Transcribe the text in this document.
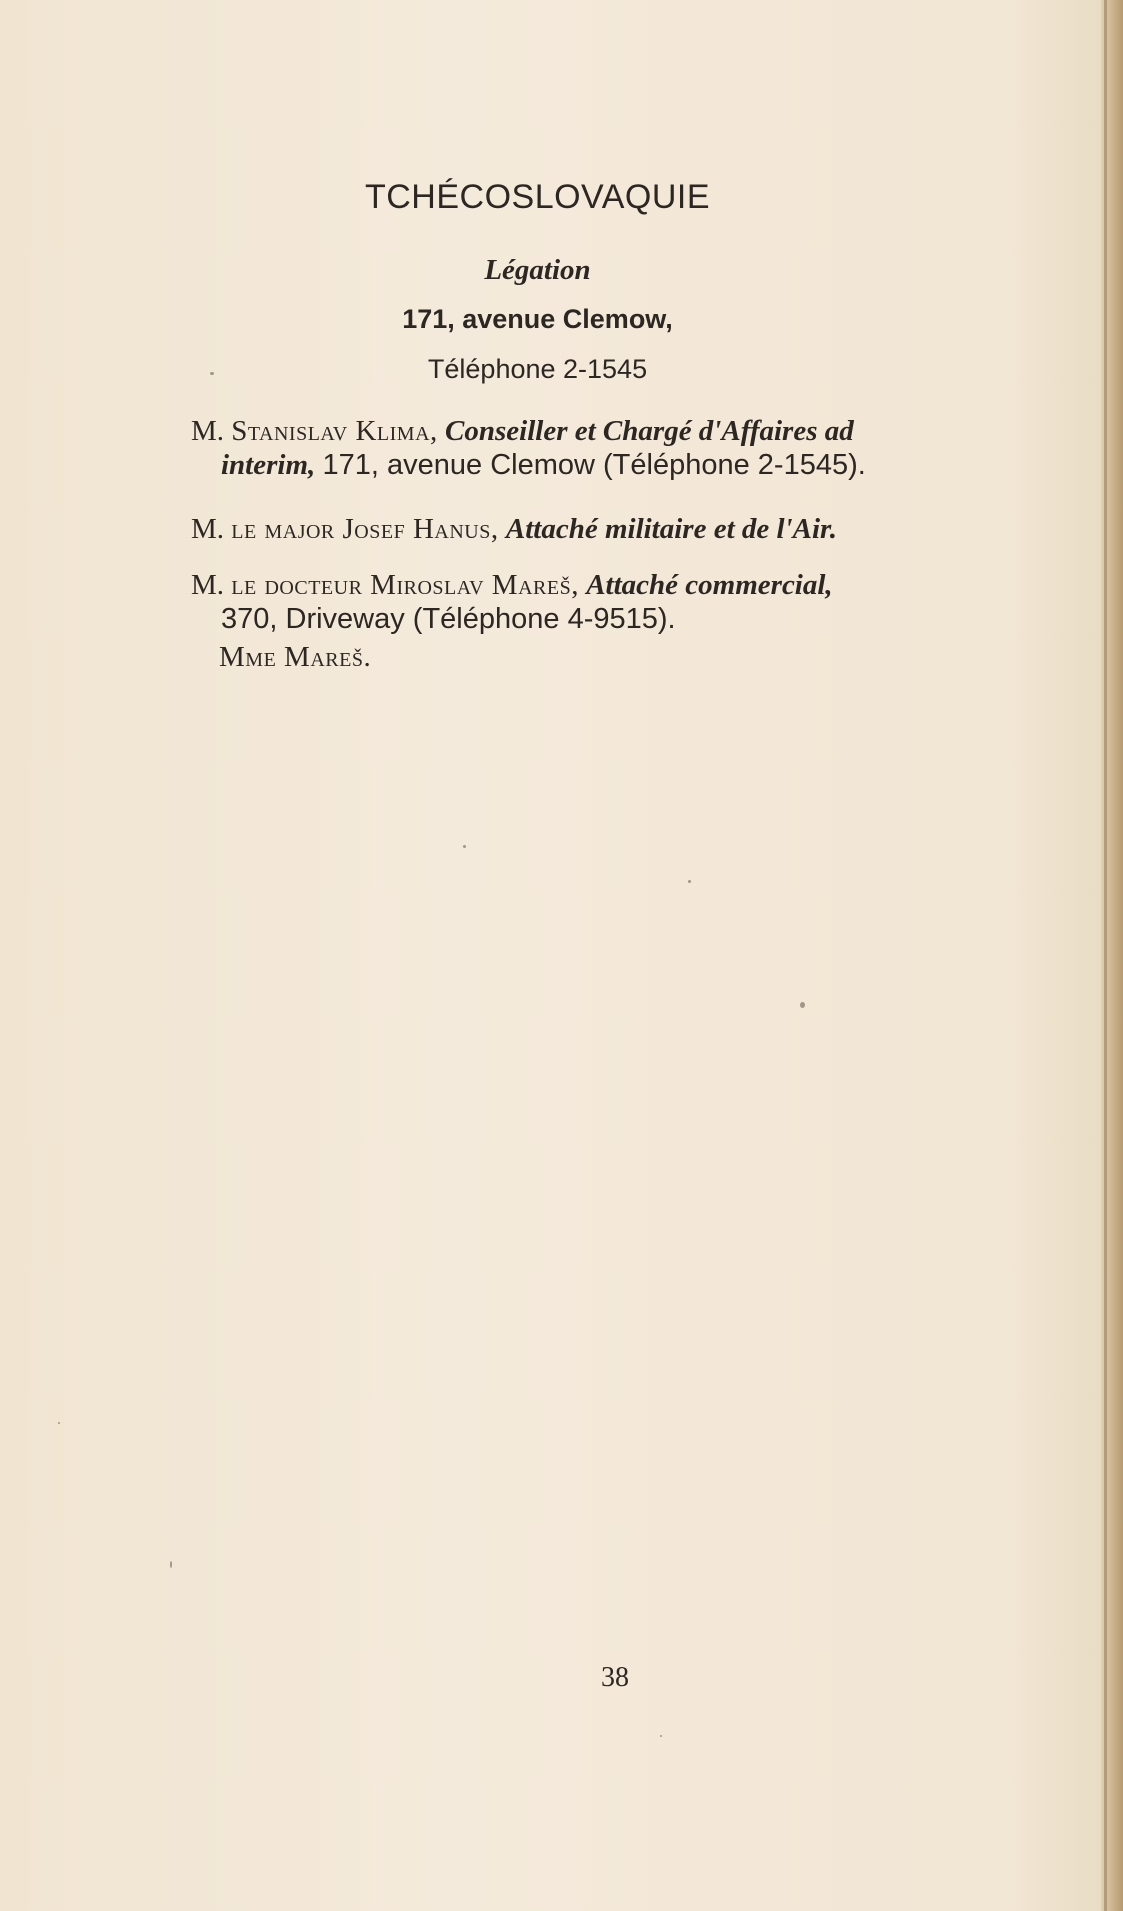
TCHÉCOSLOVAQUIE
Légation
171, avenue Clemow,
Téléphone 2-1545
M. Stanislav Klima, Conseiller et Chargé d'Affaires ad
interim, 171, avenue Clemow (Téléphone 2-1545).
M. le major Josef Hanus, Attaché militaire et de l'Air.
M. le docteur Miroslav Mareš, Attaché commercial,
370, Driveway (Téléphone 4-9515).
Mme Mareš.
38
